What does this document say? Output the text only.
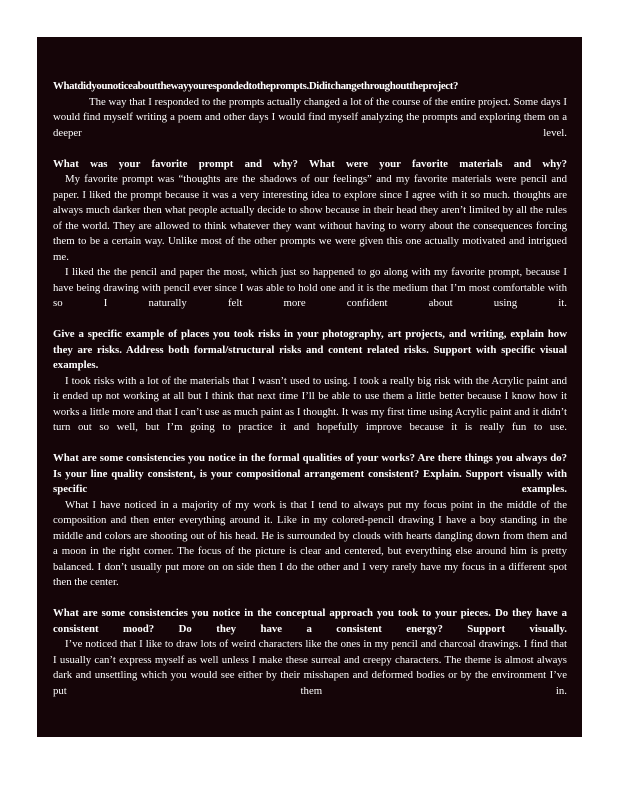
Whatdidyounoticeaboutthewayyourespondedtotheprompts.Diditchangethroughouttheproject?

The way that I responded to the prompts actually changed a lot of the course of the entire project. Some days I would find myself writing a poem and other days I would find myself analyzing the prompts and exploring them on a deeper level.

What was your favorite prompt and why? What were your favorite materials and why?

My favorite prompt was “thoughts are the shadows of our feelings” and my favorite materials were pencil and paper. I liked the prompt because it was a very interesting idea to explore since I agree with it so much. thoughts are always much darker then what people actually decide to show because in their head they aren’t limited by all the rules of the world. They are allowed to think whatever they want without having to worry about the consequences forcing them to be a certain way. Unlike most of the other prompts we were given this one actually motivated and intrigued me.

I liked the the pencil and paper the most, which just so happened to go along with my favorite prompt, because I have being drawing with pencil ever since I was able to hold one and it is the medium that I’m most comfortable with so I naturally felt more confident about using it.

Give a specific example of places you took risks in your photography, art projects, and writing, explain how they are risks. Address both formal/structural risks and content related risks. Support with specific visual examples.

I took risks with a lot of the materials that I wasn’t used to using. I took a really big risk with the Acrylic paint and it ended up not working at all but I think that next time I’ll be able to use them a little better because I know how it works a little more and that I can’t use as much paint as I thought. It was my first time using Acrylic paint and it didn’t turn out so well, but I’m going to practice it and hopefully improve because it is really fun to use.

What are some consistencies you notice in the formal qualities of your works? Are there things you always do? Is your line quality consistent, is your compositional arrangement consistent? Explain. Support visually with specific examples.

What I have noticed in a majority of my work is that I tend to always put my focus point in the middle of the composition and then enter everything around it. Like in my colored-pencil drawing I have a boy standing in the middle and colors are shooting out of his head. He is surrounded by clouds with hearts dangling down from them and a moon in the right corner. The focus of the picture is clear and centered, but everything else around him is pretty balanced. I don’t usually put more on on side then I do the other and I very rarely have my focus in a different spot then the center.

What are some consistencies you notice in the conceptual approach you took to your pieces. Do they have a consistent mood? Do they have a consistent energy? Support visually.

I’ve noticed that I like to draw lots of weird characters like the ones in my pencil and charcoal drawings. I find that I usually can’t express myself as well unless I make these surreal and creepy characters. The theme is almost always dark and unsettling which you would see either by their misshapen and deformed bodies or by the environment I’ve put them in.
